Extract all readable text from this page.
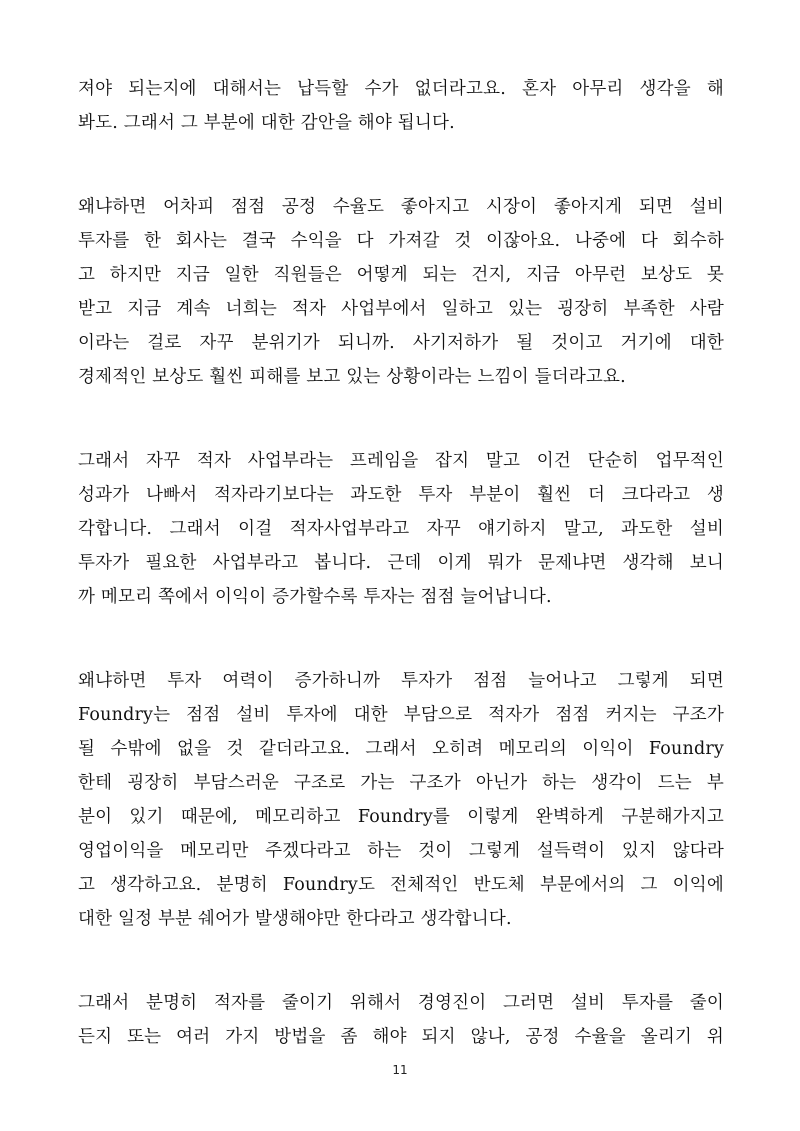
져야 되는지에 대해서는 납득할 수가 없더라고요. 혼자 아무리 생각을 해
봐도. 그래서 그 부분에 대한 감안을 해야 됩니다.
왜냐하면 어차피 점점 공정 수율도 좋아지고 시장이 좋아지게 되면 설비
투자를 한 회사는 결국 수익을 다 가져갈 것 이잖아요. 나중에 다 회수하
고 하지만 지금 일한 직원들은 어떻게 되는 건지, 지금 아무런 보상도 못
받고 지금 계속 너희는 적자 사업부에서 일하고 있는 굉장히 부족한 사람
이라는 걸로 자꾸 분위기가 되니까. 사기저하가 될 것이고 거기에 대한
경제적인 보상도 훨씬 피해를 보고 있는 상황이라는 느낌이 들더라고요.
그래서 자꾸 적자 사업부라는 프레임을 잡지 말고 이건 단순히 업무적인
성과가 나빠서 적자라기보다는 과도한 투자 부분이 훨씬 더 크다라고 생
각합니다. 그래서 이걸 적자사업부라고 자꾸 얘기하지 말고, 과도한 설비
투자가 필요한 사업부라고 봅니다. 근데 이게 뭐가 문제냐면 생각해 보니
까 메모리 쪽에서 이익이 증가할수록 투자는 점점 늘어납니다.
왜냐하면 투자 여력이 증가하니까 투자가 점점 늘어나고 그렇게 되면
Foundry는 점점 설비 투자에 대한 부담으로 적자가 점점 커지는 구조가
될 수밖에 없을 것 같더라고요. 그래서 오히려 메모리의 이익이 Foundry
한테 굉장히 부담스러운 구조로 가는 구조가 아닌가 하는 생각이 드는 부
분이 있기 때문에, 메모리하고 Foundry를 이렇게 완벽하게 구분해가지고
영업이익을 메모리만 주겠다라고 하는 것이 그렇게 설득력이 있지 않다라
고 생각하고요. 분명히 Foundry도 전체적인 반도체 부문에서의 그 이익에
대한 일정 부분 쉐어가 발생해야만 한다라고 생각합니다.
그래서 분명히 적자를 줄이기 위해서 경영진이 그러면 설비 투자를 줄이
든지 또는 여러 가지 방법을 좀 해야 되지 않나, 공정 수율을 올리기 위
11
